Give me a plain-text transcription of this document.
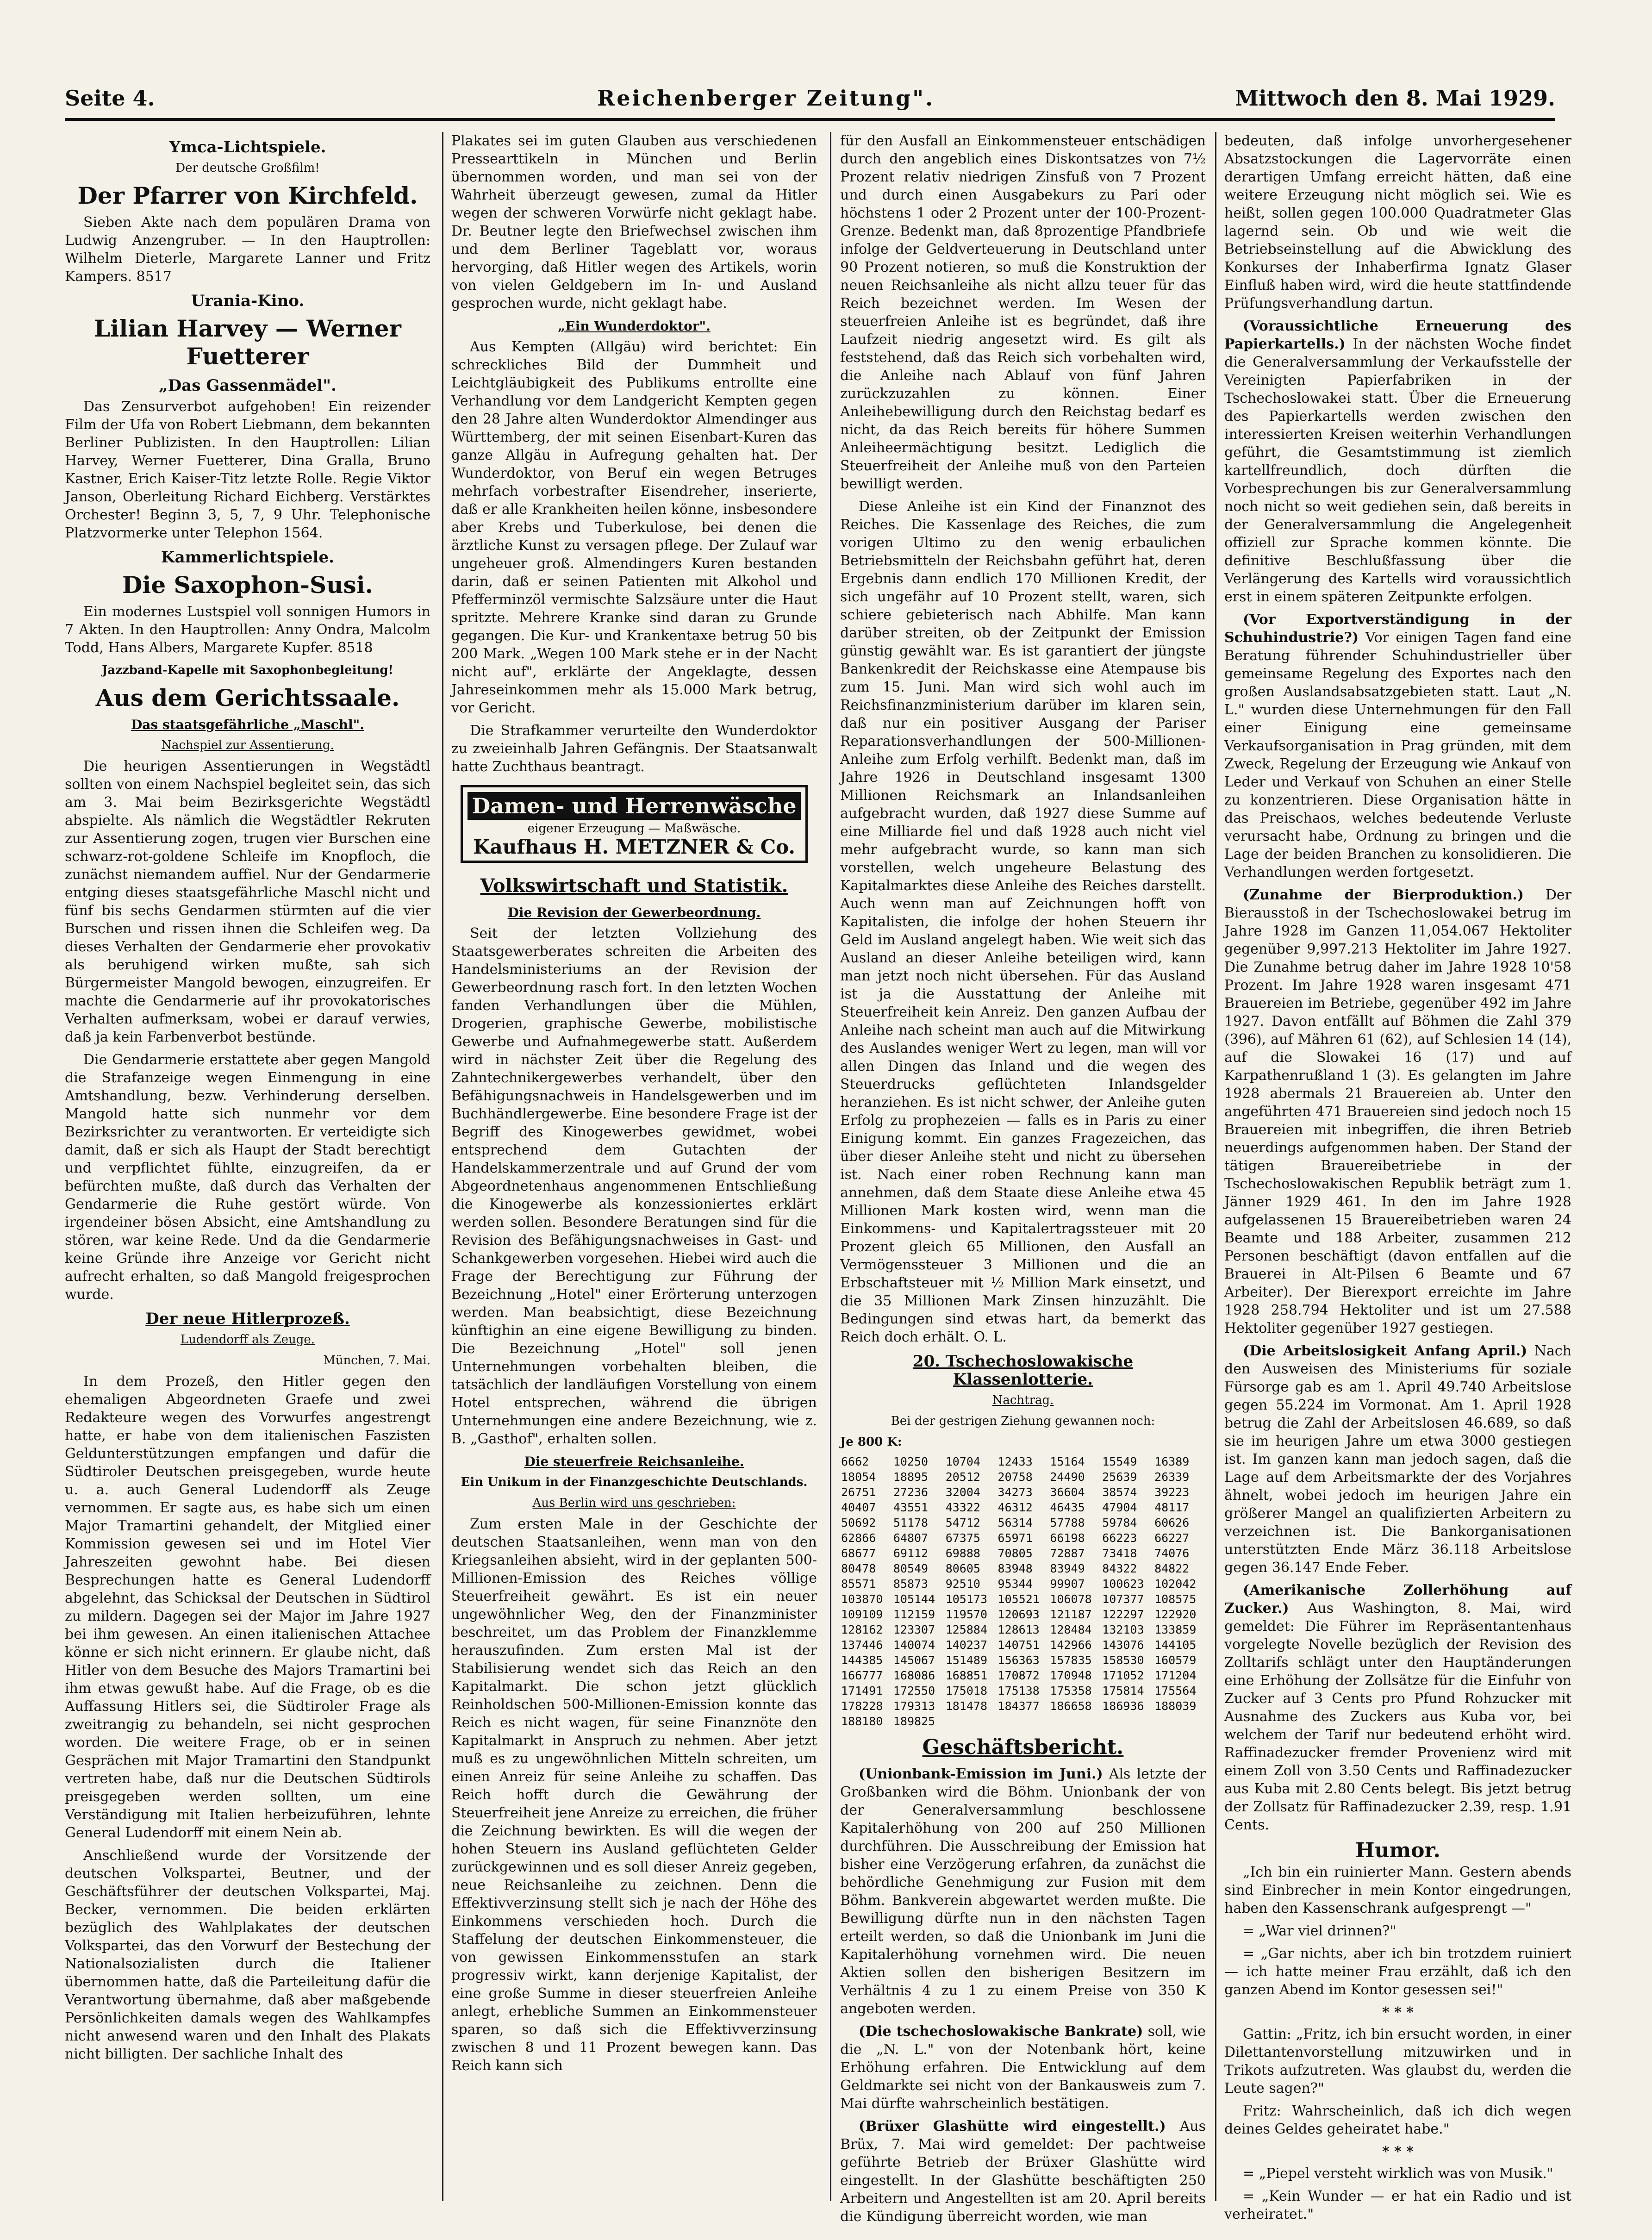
Seite 4.	Reichenberger Zeitung".	Mittwoch den 8. Mai 1929.
Ymca-Lichtspiele.
Der deutsche Großfilm!
Der Pfarrer von Kirchfeld.

Sieben Akte nach dem populären Drama von Ludwig Anzengruber. — In den Hauptrollen: Wilhelm Dieterle, Margarete Lanner und Fritz Kampers. 8517

Urania-Kino.
Lilian Harvey — Werner Fuetterer
„Das Gassenmädel".

Das Zensurverbot aufgehoben! Ein reizender Film der Ufa von Robert Liebmann, dem bekannten Berliner Publizisten. In den Hauptrollen: Lilian Harvey, Werner Fuetterer, Dina Gralla, Bruno Kastner, Erich Kaiser-Titz letzte Rolle. Regie Viktor Janson, Oberleitung Richard Eichberg. Verstärktes Orchester! Beginn 3, 5, 7, 9 Uhr. Telephonische Platzvormerke unter Telephon 1564.

Kammerlichtspiele.
Die Saxophon-Susi.

Ein modernes Lustspiel voll sonnigen Humors in 7 Akten. In den Hauptrollen: Anny Ondra, Malcolm Todd, Hans Albers, Margarete Kupfer. 8518

Jazzband-Kapelle mit Saxophonbegleitung!
Aus dem Gerichtssaale.
Das staatsgefährliche „Maschl".
Nachspiel zur Assentierung.

Die heurigen Assentierungen in Wegstädtl sollten von einem Nachspiel begleitet sein, das sich am 3. Mai beim Bezirksgerichte Wegstädtl abspielte. Als nämlich die Wegstädtler Rekruten zur Assentierung zogen, trugen vier Burschen eine schwarz-rot-goldene Schleife im Knopfloch, die zunächst niemandem auffiel. Nur der Gendarmerie entging dieses staatsgefährliche Maschl nicht und fünf bis sechs Gendarmen stürmten auf die vier Burschen und rissen ihnen die Schleifen weg. Da dieses Verhalten der Gendarmerie eher provokativ als beruhigend wirken mußte, sah sich Bürgermeister Mangold bewogen, einzugreifen. Er machte die Gendarmerie auf ihr provokatorisches Verhalten aufmerksam, wobei er darauf verwies, daß ja kein Farbenverbot bestünde.

Die Gendarmerie erstattete aber gegen Mangold die Strafanzeige wegen Einmengung in eine Amtshandlung, bezw. Verhinderung derselben. Mangold hatte sich nunmehr vor dem Bezirksrichter zu verantworten. Er verteidigte sich damit, daß er sich als Haupt der Stadt berechtigt und verpflichtet fühlte, einzugreifen, da er befürchten mußte, daß durch das Verhalten der Gendarmerie die Ruhe gestört würde. Von irgendeiner bösen Absicht, eine Amtshandlung zu stören, war keine Rede. Und da die Gendarmerie keine Gründe ihre Anzeige vor Gericht nicht aufrecht erhalten, so daß Mangold freigesprochen wurde.

Der neue Hitlerprozeß.
Ludendorff als Zeuge.
München, 7. Mai.

In dem Prozeß, den Hitler gegen den ehemaligen Abgeordneten Graefe und zwei Redakteure wegen des Vorwurfes angestrengt hatte, er habe von dem italienischen Faszisten Geldunterstützungen empfangen und dafür die Südtiroler Deutschen preisgegeben, wurde heute u. a. auch General Ludendorff als Zeuge vernommen. Er sagte aus, es habe sich um einen Major Tramartini gehandelt, der Mitglied einer Kommission gewesen sei und im Hotel Vier Jahreszeiten gewohnt habe. Bei diesen Besprechungen hatte es General Ludendorff abgelehnt, das Schicksal der Deutschen in Südtirol zu mildern. Dagegen sei der Major im Jahre 1927 bei ihm gewesen. An einen italienischen Attachee könne er sich nicht erinnern. Er glaube nicht, daß Hitler von dem Besuche des Majors Tramartini bei ihm etwas gewußt habe. Auf die Frage, ob es die Auffassung Hitlers sei, die Südtiroler Frage als zweitrangig zu behandeln, sei nicht gesprochen worden. Die weitere Frage, ob er in seinen Gesprächen mit Major Tramartini den Standpunkt vertreten habe, daß nur die Deutschen Südtirols preisgegeben werden sollten, um eine Verständigung mit Italien herbeizuführen, lehnte General Ludendorff mit einem Nein ab.

Anschließend wurde der Vorsitzende der deutschen Volkspartei, Beutner, und der Geschäftsführer der deutschen Volkspartei, Maj. Becker, vernommen. Die beiden erklärten bezüglich des Wahlplakates der deutschen Volkspartei, das den Vorwurf der Bestechung der Nationalsozialisten durch die Italiener übernommen hatte, daß die Parteileitung dafür die Verantwortung übernahme, daß aber maßgebende Persönlichkeiten damals wegen des Wahlkampfes nicht anwesend waren und den Inhalt des Plakats nicht billigten. Der sachliche Inhalt des

Plakates sei im guten Glauben aus verschiedenen Pressearttikeln in München und Berlin übernommen worden, und man sei von der Wahrheit überzeugt gewesen, zumal da Hitler wegen der schweren Vorwürfe nicht geklagt habe. Dr. Beutner legte den Briefwechsel zwischen ihm und dem Berliner Tageblatt vor, woraus hervorging, daß Hitler wegen des Artikels, worin von vielen Geldgebern im In- und Ausland gesprochen wurde, nicht geklagt habe.

„Ein Wunderdoktor".

Aus Kempten (Allgäu) wird berichtet: Ein schreckliches Bild der Dummheit und Leichtgläubigkeit des Publikums entrollte eine Verhandlung vor dem Landgericht Kempten gegen den 28 Jahre alten Wunderdoktor Almendinger aus Württemberg, der mit seinen Eisenbart-Kuren das ganze Allgäu in Aufregung gehalten hat. Der Wunderdoktor, von Beruf ein wegen Betruges mehrfach vorbestrafter Eisendreher, inserierte, daß er alle Krankheiten heilen könne, insbesondere aber Krebs und Tuberkulose, bei denen die ärztliche Kunst zu versagen pflege. Der Zulauf war ungeheuer groß. Almendingers Kuren bestanden darin, daß er seinen Patienten mit Alkohol und Pfefferminzöl vermischte Salzsäure unter die Haut spritzte. Mehrere Kranke sind daran zu Grunde gegangen. Die Kur- und Krankentaxe betrug 50 bis 200 Mark. „Wegen 100 Mark stehe er in der Nacht nicht auf", erklärte der Angeklagte, dessen Jahreseinkommen mehr als 15.000 Mark betrug, vor Gericht.

Die Strafkammer verurteilte den Wunderdoktor zu zweieinhalb Jahren Gefängnis. Der Staatsanwalt hatte Zuchthaus beantragt.

Damen- und Herrenwäsche
eigener Erzeugung — Maßwäsche.
Kaufhaus H. METZNER & Co.
Volkswirtschaft und Statistik.
Die Revision der Gewerbeordnung.

Seit der letzten Vollziehung des Staatsgewerberates schreiten die Arbeiten des Handelsministeriums an der Revision der Gewerbeordnung rasch fort. In den letzten Wochen fanden Verhandlungen über die Mühlen, Drogerien, graphische Gewerbe, mobilistische Gewerbe und Aufnahmegewerbe statt. Außerdem wird in nächster Zeit über die Regelung des Zahntechnikergewerbes verhandelt, über den Befähigungsnachweis in Handelsgewerben und im Buchhändlergewerbe. Eine besondere Frage ist der Begriff des Kinogewerbes gewidmet, wobei entsprechend dem Gutachten der Handelskammerzentrale und auf Grund der vom Abgeordnetenhaus angenommenen Entschließung die Kinogewerbe als konzessioniertes erklärt werden sollen. Besondere Beratungen sind für die Revision des Befähigungsnachweises in Gast- und Schankgewerben vorgesehen. Hiebei wird auch die Frage der Berechtigung zur Führung der Bezeichnung „Hotel" einer Erörterung unterzogen werden. Man beabsichtigt, diese Bezeichnung künftighin an eine eigene Bewilligung zu binden. Die Bezeichnung „Hotel" soll jenen Unternehmungen vorbehalten bleiben, die tatsächlich der landläufigen Vorstellung von einem Hotel entsprechen, während die übrigen Unternehmungen eine andere Bezeichnung, wie z. B. „Gasthof", erhalten sollen.

Die steuerfreie Reichsanleihe.
Ein Unikum in der Finanzgeschichte Deutschlands.
Aus Berlin wird uns geschrieben:

Zum ersten Male in der Geschichte der deutschen Staatsanleihen, wenn man von den Kriegsanleihen absieht, wird in der geplanten 500-Millionen-Emission des Reiches völlige Steuerfreiheit gewährt. Es ist ein neuer ungewöhnlicher Weg, den der Finanzminister beschreitet, um das Problem der Finanzklemme herauszufinden. Zum ersten Mal ist der Stabilisierung wendet sich das Reich an den Kapitalmarkt. Die schon jetzt glücklich Reinholdschen 500-Millionen-Emission konnte das Reich es nicht wagen, für seine Finanznöte den Kapitalmarkt in Anspruch zu nehmen. Aber jetzt muß es zu ungewöhnlichen Mitteln schreiten, um einen Anreiz für seine Anleihe zu schaffen. Das Reich hofft durch die Gewährung der Steuerfreiheit jene Anreize zu erreichen, die früher die Zeichnung bewirkten. Es will die wegen der hohen Steuern ins Ausland geflüchteten Gelder zurückgewinnen und es soll dieser Anreiz gegeben, neue Reichsanleihe zu zeichnen. Denn die Effektivverzinsung stellt sich je nach der Höhe des Einkommens verschieden hoch. Durch die Staffelung der deutschen Einkommensteuer, die von gewissen Einkommensstufen an stark progressiv wirkt, kann derjenige Kapitalist, der eine große Summe in dieser steuerfreien Anleihe anlegt, erhebliche Summen an Einkommensteuer sparen, so daß sich die Effektivverzinsung zwischen 8 und 11 Prozent bewegen kann. Das Reich kann sich

für den Ausfall an Einkommensteuer entschädigen durch den angeblich eines Diskontsatzes von 7½ Prozent relativ niedrigen Zinsfuß von 7 Prozent und durch einen Ausgabekurs zu Pari oder höchstens 1 oder 2 Prozent unter der 100-Prozent-Grenze. Bedenkt man, daß 8prozentige Pfandbriefe infolge der Geldverteuerung in Deutschland unter 90 Prozent notieren, so muß die Konstruktion der neuen Reichsanleihe als nicht allzu teuer für das Reich bezeichnet werden. Im Wesen der steuerfreien Anleihe ist es begründet, daß ihre Laufzeit niedrig angesetzt wird. Es gilt als feststehend, daß das Reich sich vorbehalten wird, die Anleihe nach Ablauf von fünf Jahren zurückzuzahlen zu können. Einer Anleihebewilligung durch den Reichstag bedarf es nicht, da das Reich bereits für höhere Summen Anleiheermächtigung besitzt. Lediglich die Steuerfreiheit der Anleihe muß von den Parteien bewilligt werden.

Diese Anleihe ist ein Kind der Finanznot des Reiches. Die Kassenlage des Reiches, die zum vorigen Ultimo zu den wenig erbaulichen Betriebsmitteln der Reichsbahn geführt hat, deren Ergebnis dann endlich 170 Millionen Kredit, der sich ungefähr auf 10 Prozent stellt, waren, sich schiere gebieterisch nach Abhilfe. Man kann darüber streiten, ob der Zeitpunkt der Emission günstig gewählt war. Es ist garantiert der jüngste Bankenkredit der Reichskasse eine Atempause bis zum 15. Juni. Man wird sich wohl auch im Reichsfinanzministerium darüber im klaren sein, daß nur ein positiver Ausgang der Pariser Reparationsverhandlungen der 500-Millionen-Anleihe zum Erfolg verhilft. Bedenkt man, daß im Jahre 1926 in Deutschland insgesamt 1300 Millionen Reichsmark an Inlandsanleihen aufgebracht wurden, daß 1927 diese Summe auf eine Milliarde fiel und daß 1928 auch nicht viel mehr aufgebracht wurde, so kann man sich vorstellen, welch ungeheure Belastung des Kapitalmarktes diese Anleihe des Reiches darstellt. Auch wenn man auf Zeichnungen hofft von Kapitalisten, die infolge der hohen Steuern ihr Geld im Ausland angelegt haben. Wie weit sich das Ausland an dieser Anleihe beteiligen wird, kann man jetzt noch nicht übersehen. Für das Ausland ist ja die Ausstattung der Anleihe mit Steuerfreiheit kein Anreiz. Den ganzen Aufbau der Anleihe nach scheint man auch auf die Mitwirkung des Auslandes weniger Wert zu legen, man will vor allen Dingen das Inland und die wegen des Steuerdrucks geflüchteten Inlandsgelder heranziehen. Es ist nicht schwer, der Anleihe guten Erfolg zu prophezeien — falls es in Paris zu einer Einigung kommt. Ein ganzes Fragezeichen, das über dieser Anleihe steht und nicht zu übersehen ist. Nach einer roben Rechnung kann man annehmen, daß dem Staate diese Anleihe etwa 45 Millionen Mark kosten wird, wenn man die Einkommens- und Kapitalertragssteuer mit 20 Prozent gleich 65 Millionen, den Ausfall an Vermögenssteuer 3 Millionen und die an Erbschaftsteuer mit ½ Million Mark einsetzt, und die 35 Millionen Mark Zinsen hinzuzählt. Die Bedingungen sind etwas hart, da bemerkt das Reich doch erhält. O. L.

20. Tschechoslowakische Klassenlotterie.
Nachtrag.
Bei der gestrigen Ziehung gewannen noch:
Je 800 K:
6662	10250	10704	12433	15164	15549	16389
18054	18895	20512	20758	24490	25639	26339
26751	27236	32004	34273	36604	38574	39223
40407	43551	43322	46312	46435	47904	48117
50692	51178	54712	56314	57788	59784	60626
62866	64807	67375	65971	66198	66223	66227
68677	69112	69888	70805	72887	73418	74076
80478	80549	80605	83948	83949	84322	84822
85571	85873	92510	95344	99907	100623	102042
103870	105144	105173	105521	106078	107377	108575
109109	112159	119570	120693	121187	122297	122920
128162	123307	125884	128613	128484	132103	133859
137446	140074	140237	140751	142966	143076	144105
144385	145067	151489	156363	157835	158530	160579
166777	168086	168851	170872	170948	171052	171204
171491	172550	175018	175138	175358	175814	175564
178228	179313	181478	184377	186658	186936	188039
188180	189825					
Geschäftsbericht.

(Unionbank-Emission im Juni.) Als letzte der Großbanken wird die Böhm. Unionbank der von der Generalversammlung beschlossene Kapitalerhöhung von 200 auf 250 Millionen durchführen. Die Ausschreibung der Emission hat bisher eine Verzögerung erfahren, da zunächst die behördliche Genehmigung zur Fusion mit dem Böhm. Bankverein abgewartet werden mußte. Die Bewilligung dürfte nun in den nächsten Tagen erteilt werden, so daß die Unionbank im Juni die Kapitalerhöhung vornehmen wird. Die neuen Aktien sollen den bisherigen Besitzern im Verhältnis 4 zu 1 zu einem Preise von 350 K angeboten werden.

(Die tschechoslowakische Bankrate) soll, wie die „N. L." von der Notenbank hört, keine Erhöhung erfahren. Die Entwicklung auf dem Geldmarkte sei nicht von der Bankausweis zum 7. Mai dürfte wahrscheinlich bestätigen.

(Brüxer Glashütte wird eingestellt.) Aus Brüx, 7. Mai wird gemeldet: Der pachtweise geführte Betrieb der Brüxer Glashütte wird eingestellt. In der Glashütte beschäftigten 250 Arbeitern und Angestellten ist am 20. April bereits die Kündigung überreicht worden, wie man

bedeuten, daß infolge unvorhergesehener Absatzstockungen die Lagervorräte einen derartigen Umfang erreicht hätten, daß eine weitere Erzeugung nicht möglich sei. Wie es heißt, sollen gegen 100.000 Quadratmeter Glas lagernd sein. Ob und wie weit die Betriebseinstellung auf die Abwicklung des Konkurses der Inhaberfirma Ignatz Glaser Einfluß haben wird, wird die heute stattfindende Prüfungsverhandlung dartun.

(Voraussichtliche Erneuerung des Papierkartells.) In der nächsten Woche findet die Generalversammlung der Verkaufsstelle der Vereinigten Papierfabriken in der Tschechoslowakei statt. Über die Erneuerung des Papierkartells werden zwischen den interessierten Kreisen weiterhin Verhandlungen geführt, die Gesamtstimmung ist ziemlich kartellfreundlich, doch dürften die Vorbesprechungen bis zur Generalversammlung noch nicht so weit gediehen sein, daß bereits in der Generalversammlung die Angelegenheit offiziell zur Sprache kommen könnte. Die definitive Beschlußfassung über die Verlängerung des Kartells wird voraussichtlich erst in einem späteren Zeitpunkte erfolgen.

(Vor Exportverständigung in der Schuhindustrie?) Vor einigen Tagen fand eine Beratung führender Schuhindustrieller über gemeinsame Regelung des Exportes nach den großen Auslandsabsatzgebieten statt. Laut „N. L." wurden diese Unternehmungen für den Fall einer Einigung eine gemeinsame Verkaufsorganisation in Prag gründen, mit dem Zweck, Regelung der Erzeugung wie Ankauf von Leder und Verkauf von Schuhen an einer Stelle zu konzentrieren. Diese Organisation hätte in das Preischaos, welches bedeutende Verluste verursacht habe, Ordnung zu bringen und die Lage der beiden Branchen zu konsolidieren. Die Verhandlungen werden fortgesetzt.

(Zunahme der Bierproduktion.) Der Bierausstoß in der Tschechoslowakei betrug im Jahre 1928 im Ganzen 11,054.067 Hektoliter gegenüber 9,997.213 Hektoliter im Jahre 1927. Die Zunahme betrug daher im Jahre 1928 10'58 Prozent. Im Jahre 1928 waren insgesamt 471 Brauereien im Betriebe, gegenüber 492 im Jahre 1927. Davon entfällt auf Böhmen die Zahl 379 (396), auf Mähren 61 (62), auf Schlesien 14 (14), auf die Slowakei 16 (17) und auf Karpathenrußland 1 (3). Es gelangten im Jahre 1928 abermals 21 Brauereien ab. Unter den angeführten 471 Brauereien sind jedoch noch 15 Brauereien mit inbegriffen, die ihren Betrieb neuerdings aufgenommen haben. Der Stand der tätigen Brauereibetriebe in der Tschechoslowakischen Republik beträgt zum 1. Jänner 1929 461. In den im Jahre 1928 aufgelassenen 15 Brauereibetrieben waren 24 Beamte und 188 Arbeiter, zusammen 212 Personen beschäftigt (davon entfallen auf die Brauerei in Alt-Pilsen 6 Beamte und 67 Arbeiter). Der Bierexport erreichte im Jahre 1928 258.794 Hektoliter und ist um 27.588 Hektoliter gegenüber 1927 gestiegen.

(Die Arbeitslosigkeit Anfang April.) Nach den Ausweisen des Ministeriums für soziale Fürsorge gab es am 1. April 49.740 Arbeitslose gegen 55.224 im Vormonat. Am 1. April 1928 betrug die Zahl der Arbeitslosen 46.689, so daß sie im heurigen Jahre um etwa 3000 gestiegen ist. Im ganzen kann man jedoch sagen, daß die Lage auf dem Arbeitsmarkte der des Vorjahres ähnelt, wobei jedoch im heurigen Jahre ein größerer Mangel an qualifizierten Arbeitern zu verzeichnen ist. Die Bankorganisationen unterstützten Ende März 36.118 Arbeitslose gegen 36.147 Ende Feber.

(Amerikanische Zollerhöhung auf Zucker.) Aus Washington, 8. Mai, wird gemeldet: Die Führer im Repräsentantenhaus vorgelegte Novelle bezüglich der Revision des Zolltarifs schlägt unter den Hauptänderungen eine Erhöhung der Zollsätze für die Einfuhr von Zucker auf 3 Cents pro Pfund Rohzucker mit Ausnahme des Zuckers aus Kuba vor, bei welchem der Tarif nur bedeutend erhöht wird. Raffinadezucker fremder Provenienz wird mit einem Zoll von 3.50 Cents und Raffinadezucker aus Kuba mit 2.80 Cents belegt. Bis jetzt betrug der Zollsatz für Raffinadezucker 2.39, resp. 1.91 Cents.

Humor.

„Ich bin ein ruinierter Mann. Gestern abends sind Einbrecher in mein Kontor eingedrungen, haben den Kassenschrank aufgesprengt —"

= „War viel drinnen?"

= „Gar nichts, aber ich bin trotzdem ruiniert — ich hatte meiner Frau erzählt, daß ich den ganzen Abend im Kontor gesessen sei!"

* * *

Gattin: „Fritz, ich bin ersucht worden, in einer Dilettantenvorstellung mitzuwirken und in Trikots aufzutreten. Was glaubst du, werden die Leute sagen?"

Fritz: Wahrscheinlich, daß ich dich wegen deines Geldes geheiratet habe."

* * *

= „Piepel versteht wirklich was von Musik."

= „Kein Wunder — er hat ein Radio und ist verheiratet."
